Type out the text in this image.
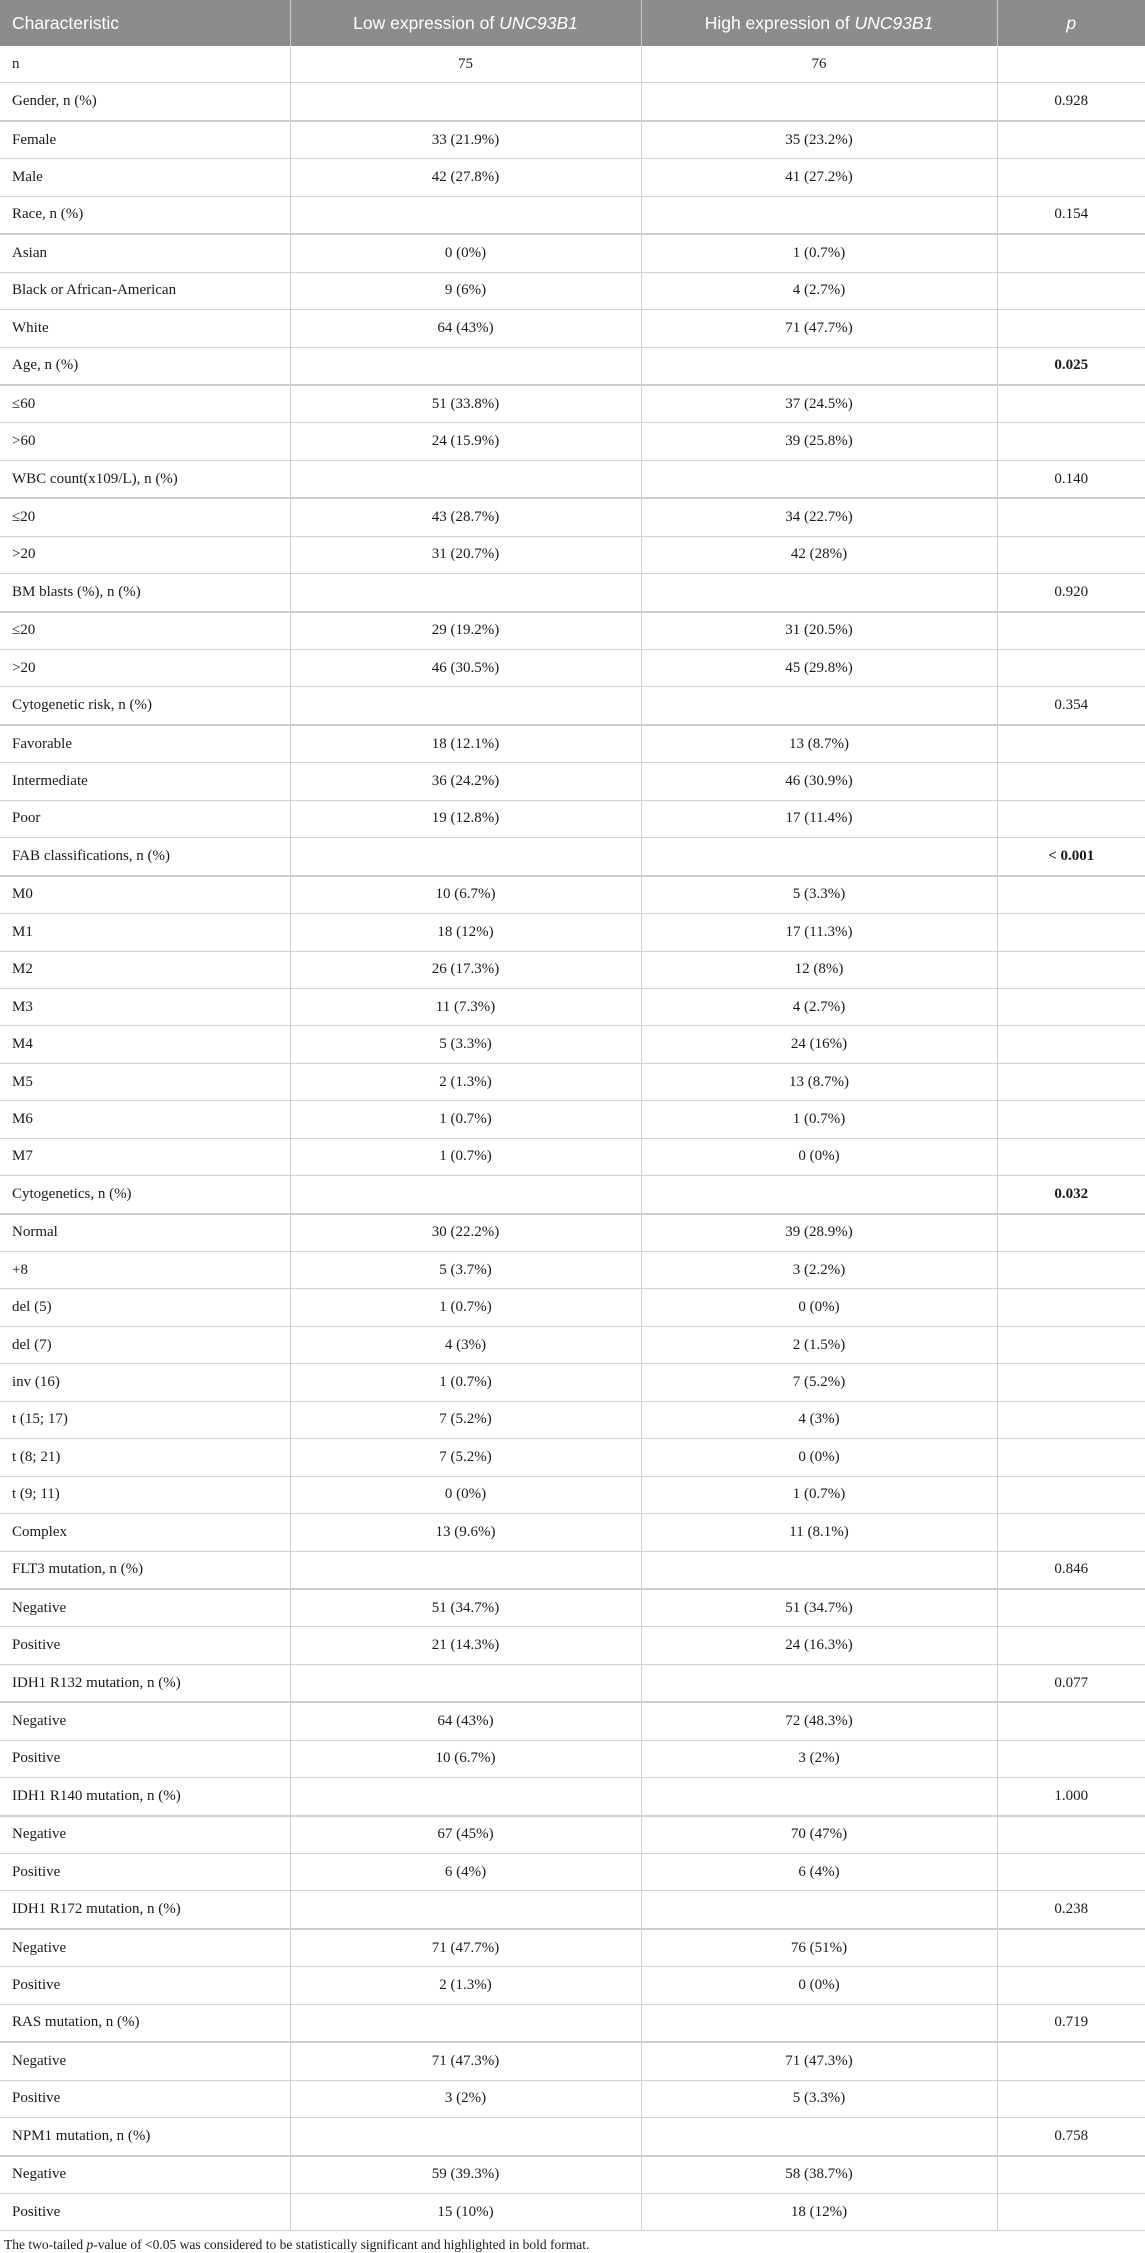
Characteristic	Low expression of UNC93B1	High expression of UNC93B1	p
n	75	76	
Gender, n (%)			0.928
Female	33 (21.9%)	35 (23.2%)	
Male	42 (27.8%)	41 (27.2%)	
Race, n (%)			0.154
Asian	0 (0%)	1 (0.7%)	
Black or African-American	9 (6%)	4 (2.7%)	
White	64 (43%)	71 (47.7%)	
Age, n (%)			0.025
≤60	51 (33.8%)	37 (24.5%)	
>60	24 (15.9%)	39 (25.8%)	
WBC count(x109/L), n (%)			0.140
≤20	43 (28.7%)	34 (22.7%)	
>20	31 (20.7%)	42 (28%)	
BM blasts (%), n (%)			0.920
≤20	29 (19.2%)	31 (20.5%)	
>20	46 (30.5%)	45 (29.8%)	
Cytogenetic risk, n (%)			0.354
Favorable	18 (12.1%)	13 (8.7%)	
Intermediate	36 (24.2%)	46 (30.9%)	
Poor	19 (12.8%)	17 (11.4%)	
FAB classifications, n (%)			< 0.001
M0	10 (6.7%)	5 (3.3%)	
M1	18 (12%)	17 (11.3%)	
M2	26 (17.3%)	12 (8%)	
M3	11 (7.3%)	4 (2.7%)	
M4	5 (3.3%)	24 (16%)	
M5	2 (1.3%)	13 (8.7%)	
M6	1 (0.7%)	1 (0.7%)	
M7	1 (0.7%)	0 (0%)	
Cytogenetics, n (%)			0.032
Normal	30 (22.2%)	39 (28.9%)	
+8	5 (3.7%)	3 (2.2%)	
del (5)	1 (0.7%)	0 (0%)	
del (7)	4 (3%)	2 (1.5%)	
inv (16)	1 (0.7%)	7 (5.2%)	
t (15; 17)	7 (5.2%)	4 (3%)	
t (8; 21)	7 (5.2%)	0 (0%)	
t (9; 11)	0 (0%)	1 (0.7%)	
Complex	13 (9.6%)	11 (8.1%)	
FLT3 mutation, n (%)			0.846
Negative	51 (34.7%)	51 (34.7%)	
Positive	21 (14.3%)	24 (16.3%)	
IDH1 R132 mutation, n (%)			0.077
Negative	64 (43%)	72 (48.3%)	
Positive	10 (6.7%)	3 (2%)	
IDH1 R140 mutation, n (%)			1.000
Negative	67 (45%)	70 (47%)	
Positive	6 (4%)	6 (4%)	
IDH1 R172 mutation, n (%)			0.238
Negative	71 (47.7%)	76 (51%)	
Positive	2 (1.3%)	0 (0%)	
RAS mutation, n (%)			0.719
Negative	71 (47.3%)	71 (47.3%)	
Positive	3 (2%)	5 (3.3%)	
NPM1 mutation, n (%)			0.758
Negative	59 (39.3%)	58 (38.7%)	
Positive	15 (10%)	18 (12%)	
The two-tailed p-value of <0.05 was considered to be statistically significant and highlighted in bold format.
